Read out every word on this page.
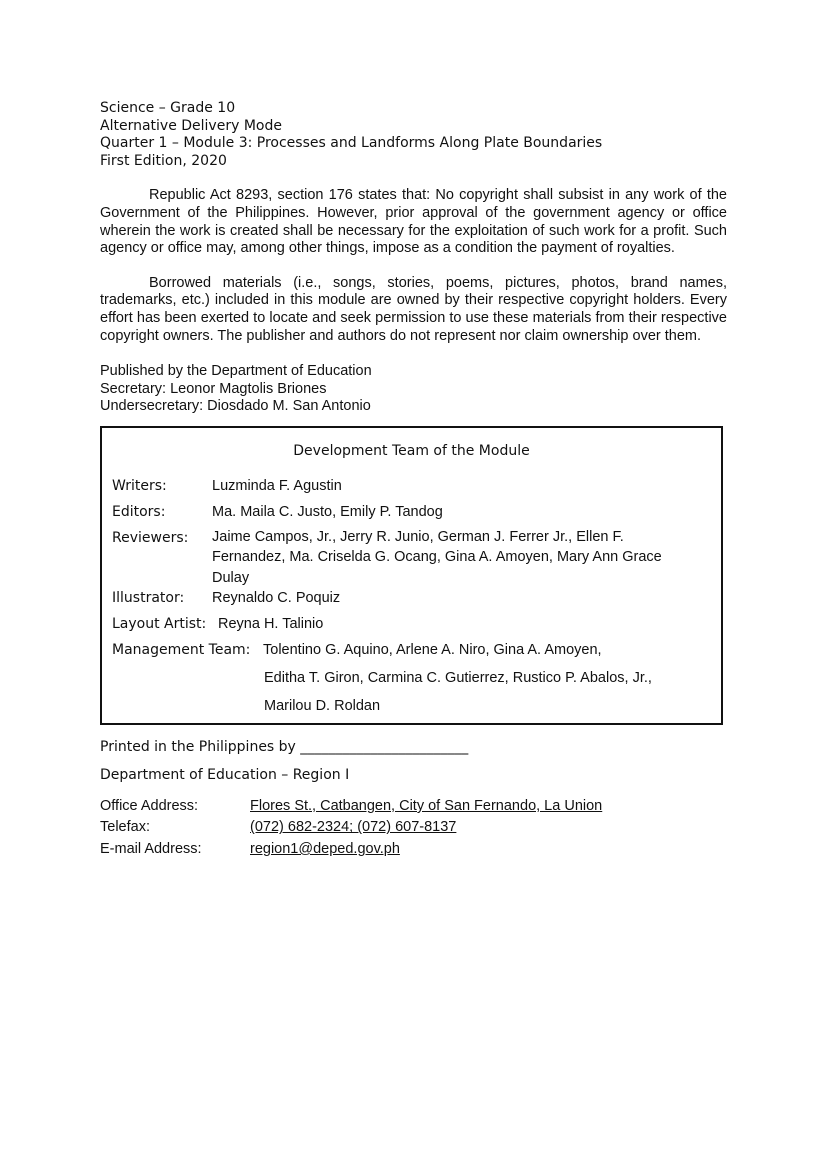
Science – Grade 10
Alternative Delivery Mode
Quarter 1 – Module 3: Processes and Landforms Along Plate Boundaries
First Edition, 2020

Republic Act 8293, section 176 states that: No copyright shall subsist in any work of the Government of the Philippines. However, prior approval of the government agency or office wherein the work is created shall be necessary for the exploitation of such work for a profit. Such agency or office may, among other things, impose as a condition the payment of royalties.

Borrowed materials (i.e., songs, stories, poems, pictures, photos, brand names, trademarks, etc.) included in this module are owned by their respective copyright holders. Every effort has been exerted to locate and seek permission to use these materials from their respective copyright owners. The publisher and authors do not represent nor claim ownership over them.

Published by the Department of Education
Secretary: Leonor Magtolis Briones
Undersecretary: Diosdado M. San Antonio
Development Team of the Module
Writers:	Luzminda F. Agustin
Editors:	Ma. Maila C. Justo, Emily P. Tandog
Reviewers: Jaime Campos, Jr., Jerry R. Junio, German J. Ferrer Jr., Ellen F. Fernandez, Ma. Criselda G. Ocang, Gina A. Amoyen, Mary Ann Grace Dulay
Illustrator: Reynaldo C. Poquiz
Layout Artist: Reyna H. Talinio
Management Team: Tolentino G. Aquino, Arlene A. Niro, Gina A. Amoyen,
Editha T. Giron, Carmina C. Gutierrez, Rustico P. Abalos, Jr.,
Marilou D. Roldan
Printed in the Philippines by ________________________
Department of Education – Region I
Office Address:	Flores St., Catbangen, City of San Fernando, La Union
Telefax:	(072) 682-2324; (072) 607-8137
E-mail Address:	region1@deped.gov.ph
